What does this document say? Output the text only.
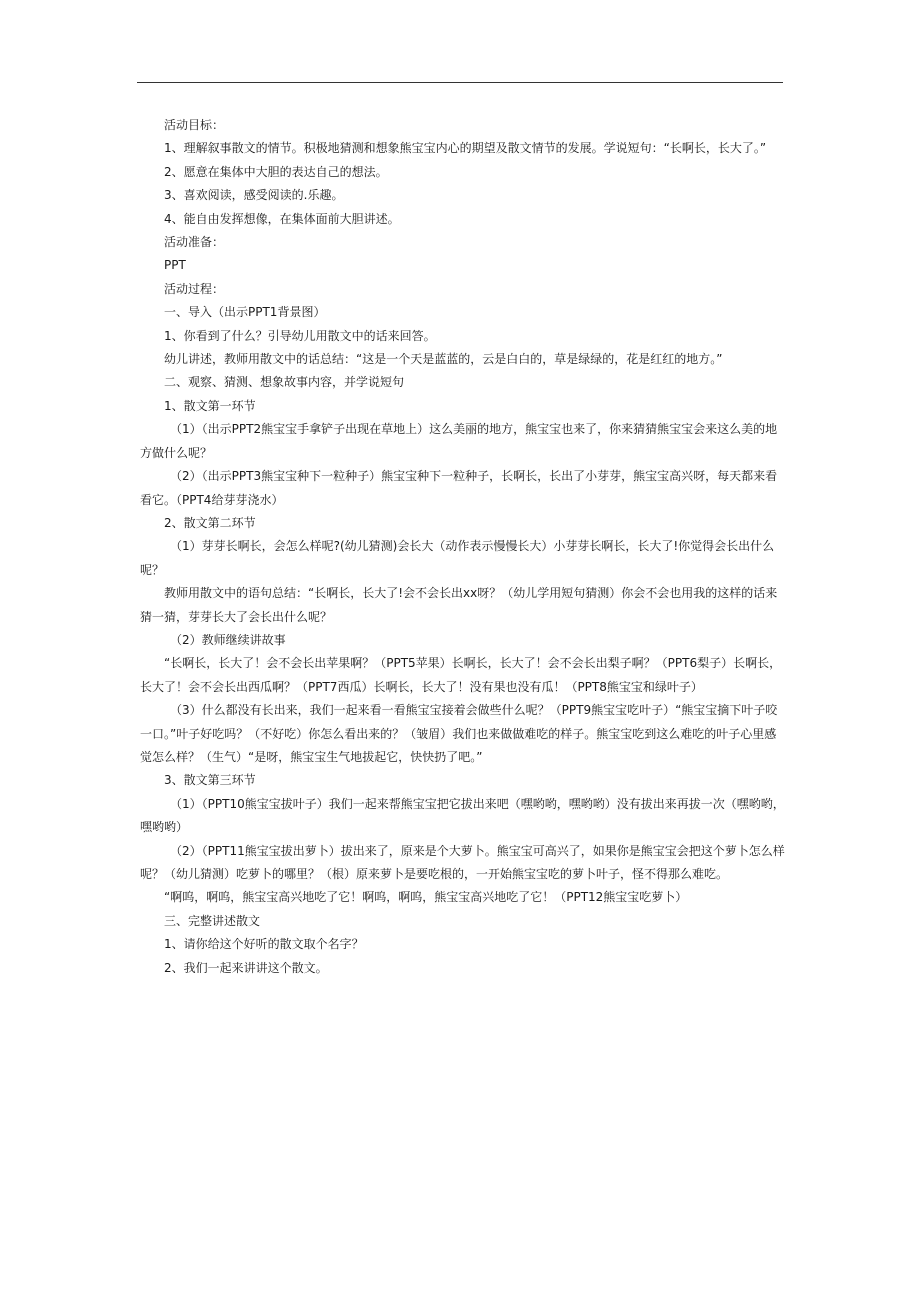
活动目标：

1、理解叙事散文的情节。积极地猜测和想象熊宝宝内心的期望及散文情节的发展。学说短句：“长啊长，长大了。”

2、愿意在集体中大胆的表达自己的想法。

3、喜欢阅读，感受阅读的.乐趣。

4、能自由发挥想像，在集体面前大胆讲述。

活动准备：

PPT

活动过程：

一、导入（出示PPT1背景图）

1、你看到了什么？引导幼儿用散文中的话来回答。

幼儿讲述，教师用散文中的话总结：“这是一个天是蓝蓝的，云是白白的，草是绿绿的，花是红红的地方。”

二、观察、猜测、想象故事内容，并学说短句

1、散文第一环节

（1）（出示PPT2熊宝宝手拿铲子出现在草地上）这么美丽的地方，熊宝宝也来了，你来猜猜熊宝宝会来这么美的地方做什么呢？

（2）（出示PPT3熊宝宝种下一粒种子）熊宝宝种下一粒种子，长啊长，长出了小芽芽，熊宝宝高兴呀，每天都来看看它。（PPT4给芽芽浇水）

2、散文第二环节

（1）芽芽长啊长，会怎么样呢?(幼儿猜测)会长大（动作表示慢慢长大）小芽芽长啊长，长大了!你觉得会长出什么呢？

教师用散文中的语句总结：“长啊长，长大了!会不会长出xx呀？（幼儿学用短句猜测）你会不会也用我的这样的话来猜一猜，芽芽长大了会长出什么呢？

（2）教师继续讲故事

“长啊长，长大了！会不会长出苹果啊？（PPT5苹果）长啊长，长大了！会不会长出梨子啊？（PPT6梨子）长啊长，长大了！会不会长出西瓜啊？（PPT7西瓜）长啊长，长大了！没有果也没有瓜！（PPT8熊宝宝和绿叶子）

（3）什么都没有长出来，我们一起来看一看熊宝宝接着会做些什么呢？（PPT9熊宝宝吃叶子）“熊宝宝摘下叶子咬一口。”叶子好吃吗？（不好吃）你怎么看出来的？（皱眉）我们也来做做难吃的样子。熊宝宝吃到这么难吃的叶子心里感觉怎么样？（生气）“是呀，熊宝宝生气地拔起它，快快扔了吧。”

3、散文第三环节

（1）（PPT10熊宝宝拔叶子）我们一起来帮熊宝宝把它拔出来吧（嘿哟哟，嘿哟哟）没有拔出来再拔一次（嘿哟哟，嘿哟哟）

（2）（PPT11熊宝宝拔出萝卜）拔出来了，原来是个大萝卜。熊宝宝可高兴了，如果你是熊宝宝会把这个萝卜怎么样呢？（幼儿猜测）吃萝卜的哪里？（根）原来萝卜是要吃根的，一开始熊宝宝吃的萝卜叶子，怪不得那么难吃。

“啊呜，啊呜，熊宝宝高兴地吃了它！啊呜，啊呜，熊宝宝高兴地吃了它！（PPT12熊宝宝吃萝卜）

三、完整讲述散文

1、请你给这个好听的散文取个名字？

2、我们一起来讲讲这个散文。
